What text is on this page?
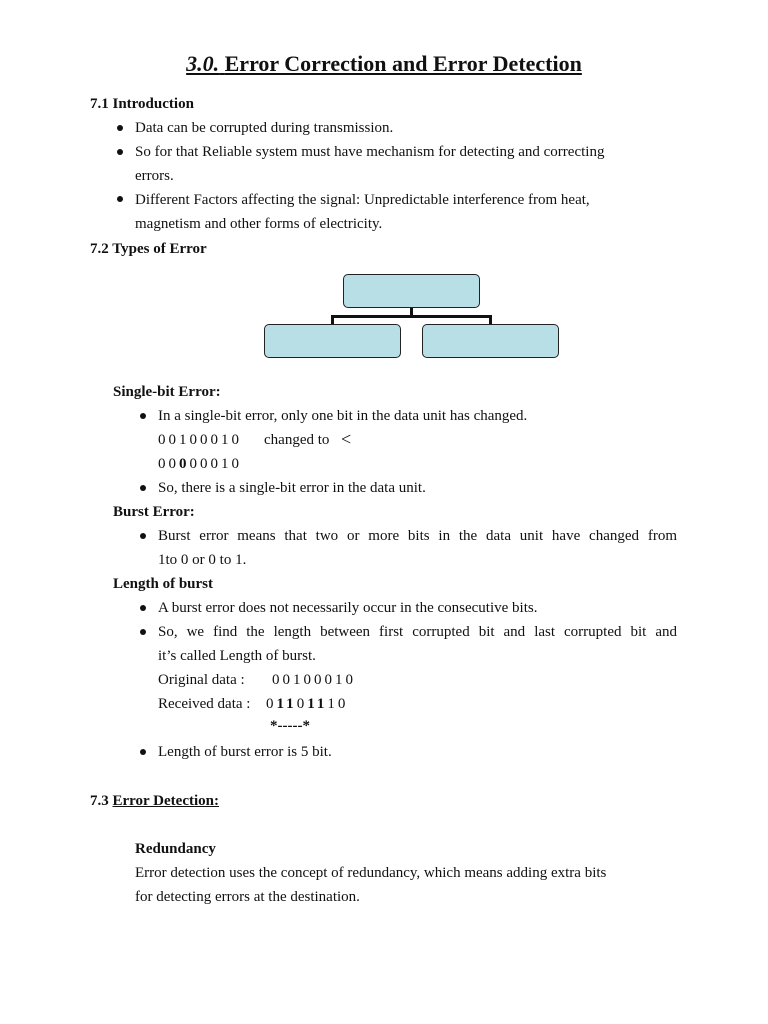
3.0. Error Correction and Error Detection
7.1 Introduction
Data can be corrupted during transmission.
So for that Reliable system must have mechanism for detecting and correcting
errors.
Different Factors affecting the signal: Unpredictable interference from heat,
magnetism and other forms of electricity.
7.2 Types of Error
Single-bit Error:
In a single-bit error, only one bit in the data unit has changed.
00100010 changed to <
00000010
So, there is a single-bit error in the data unit.
Burst Error:
Burst error means that two or more bits in the data unit have changed from
1to 0 or 0 to 1.
Length of burst
A burst error does not necessarily occur in the consecutive bits.
So, we find the length between first corrupted bit and last corrupted bit and
it’s called Length of burst.
Original data : 00100010
Received data : 01101110
*-----*
Length of burst error is 5 bit.
7.3 Error Detection:
Redundancy
Error detection uses the concept of redundancy, which means adding extra bits
for detecting errors at the destination.
